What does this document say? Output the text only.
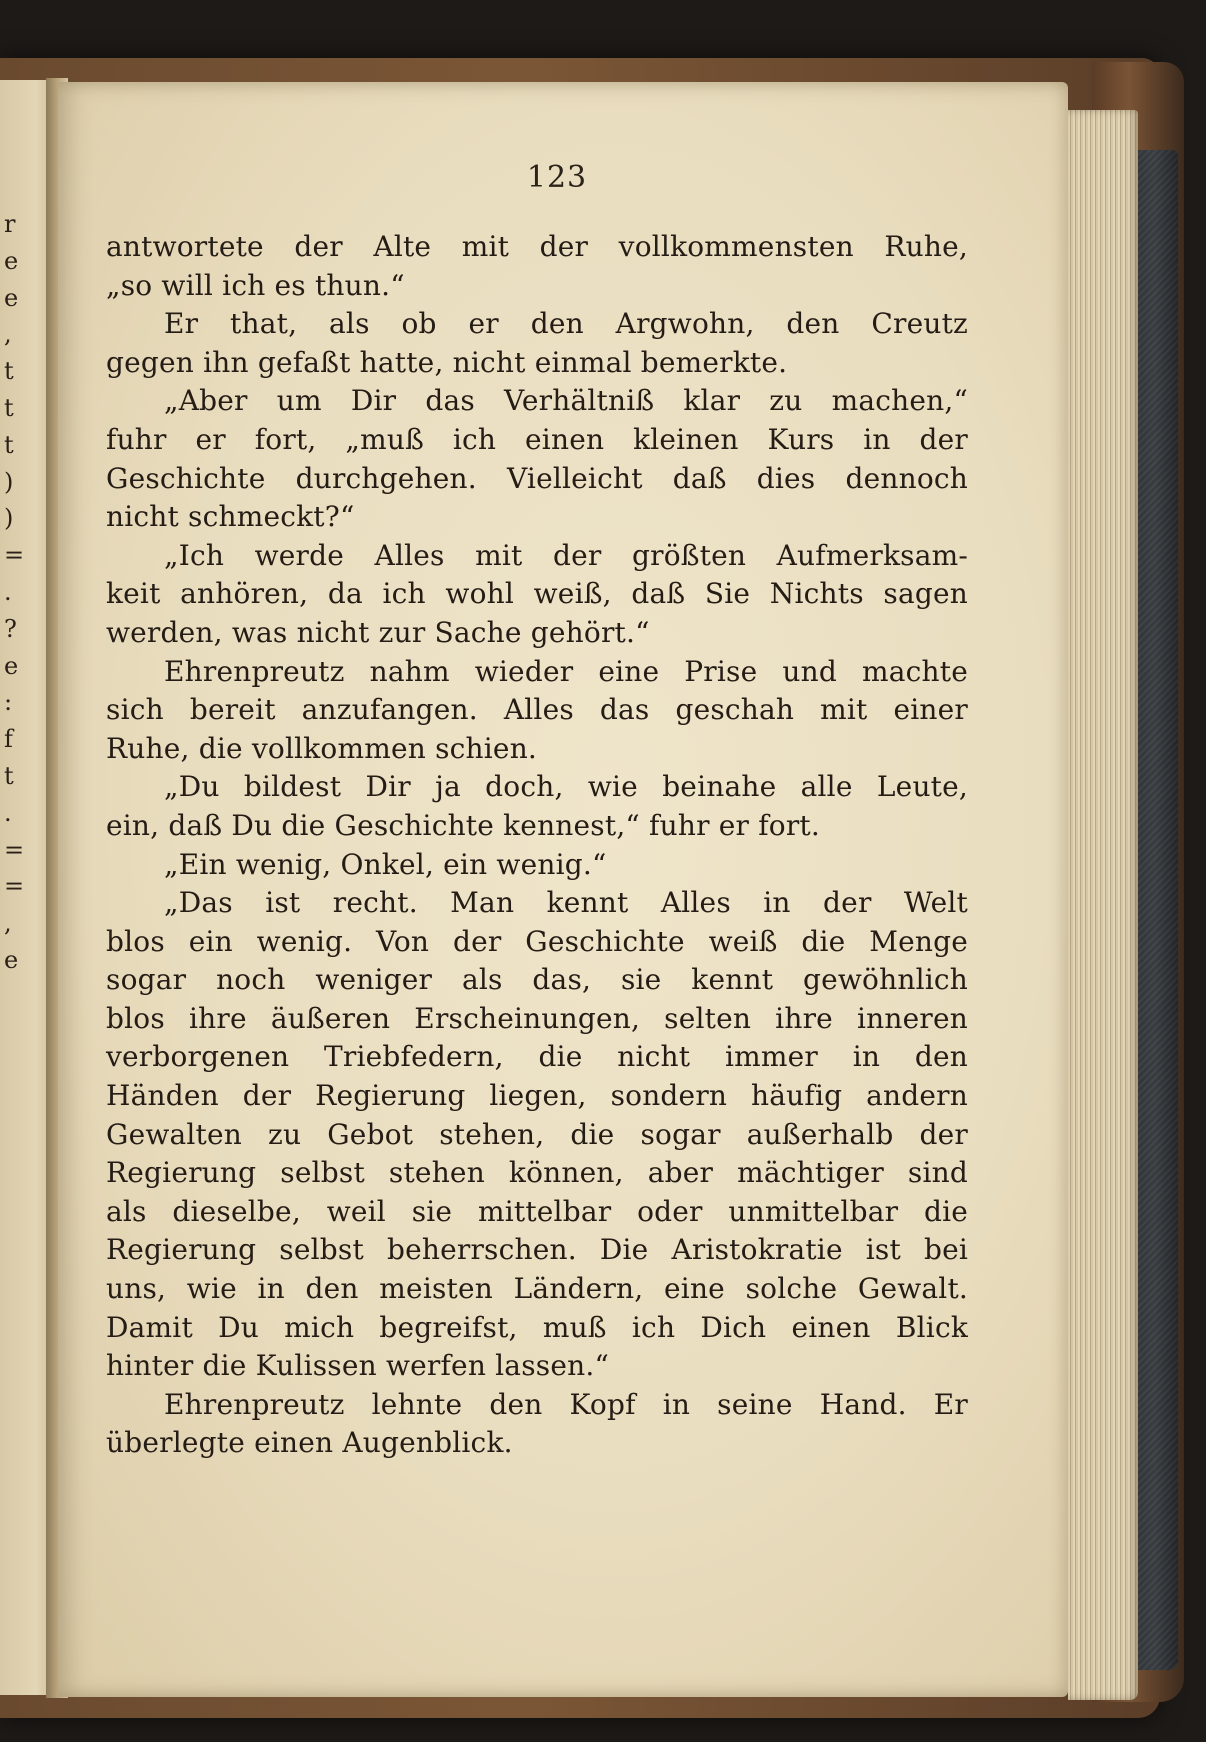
r
e
e
,
t
t
t
)
)
=
.
?
e
:
f
t
.
=
=
,
e
123
antwortete der Alte mit der vollkommensten Ruhe,
„so will ich es thun.“
Er that, als ob er den Argwohn, den Creutz
gegen ihn gefaßt hatte, nicht einmal bemerkte.
„Aber um Dir das Verhältniß klar zu machen,“
fuhr er fort, „muß ich einen kleinen Kurs in der
Geschichte durchgehen. Vielleicht daß dies dennoch
nicht schmeckt?“
„Ich werde Alles mit der größten Aufmerksam-
keit anhören, da ich wohl weiß, daß Sie Nichts sagen
werden, was nicht zur Sache gehört.“
Ehrenpreutz nahm wieder eine Prise und machte
sich bereit anzufangen. Alles das geschah mit einer
Ruhe, die vollkommen schien.
„Du bildest Dir ja doch, wie beinahe alle Leute,
ein, daß Du die Geschichte kennest,“ fuhr er fort.
„Ein wenig, Onkel, ein wenig.“
„Das ist recht. Man kennt Alles in der Welt
blos ein wenig. Von der Geschichte weiß die Menge
sogar noch weniger als das, sie kennt gewöhnlich
blos ihre äußeren Erscheinungen, selten ihre inneren
verborgenen Triebfedern, die nicht immer in den
Händen der Regierung liegen, sondern häufig andern
Gewalten zu Gebot stehen, die sogar außerhalb der
Regierung selbst stehen können, aber mächtiger sind
als dieselbe, weil sie mittelbar oder unmittelbar die
Regierung selbst beherrschen. Die Aristokratie ist bei
uns, wie in den meisten Ländern, eine solche Gewalt.
Damit Du mich begreifst, muß ich Dich einen Blick
hinter die Kulissen werfen lassen.“
Ehrenpreutz lehnte den Kopf in seine Hand. Er
überlegte einen Augenblick.
